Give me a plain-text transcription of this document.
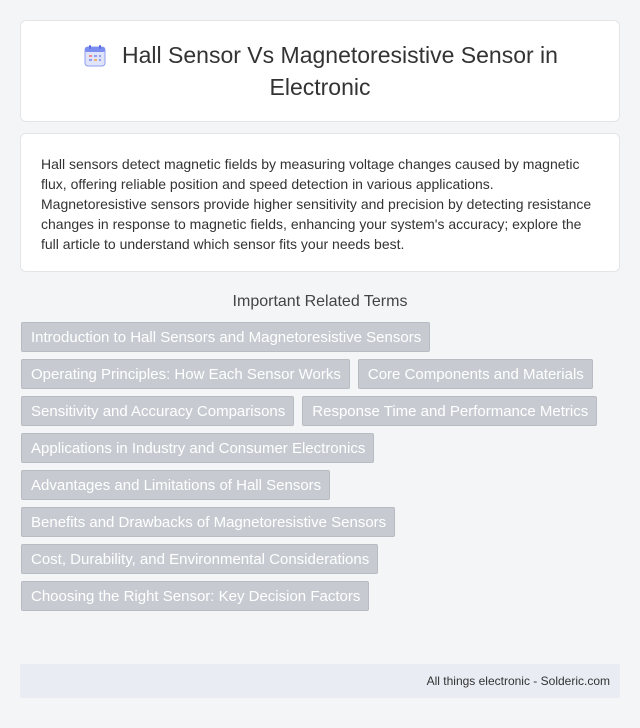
Hall Sensor Vs Magnetoresistive Sensor in Electronic

Hall sensors detect magnetic fields by measuring voltage changes caused by magnetic flux, offering reliable position and speed detection in various applications. Magnetoresistive sensors provide higher sensitivity and precision by detecting resistance changes in response to magnetic fields, enhancing your system's accuracy; explore the full article to understand which sensor fits your needs best.

Important Related Terms
Introduction to Hall Sensors and Magnetoresistive Sensors
Operating Principles: How Each Sensor Works	Core Components and Materials
Sensitivity and Accuracy Comparisons	Response Time and Performance Metrics
Applications in Industry and Consumer Electronics
Advantages and Limitations of Hall Sensors
Benefits and Drawbacks of Magnetoresistive Sensors
Cost, Durability, and Environmental Considerations
Choosing the Right Sensor: Key Decision Factors
All things electronic - Solderic.com
